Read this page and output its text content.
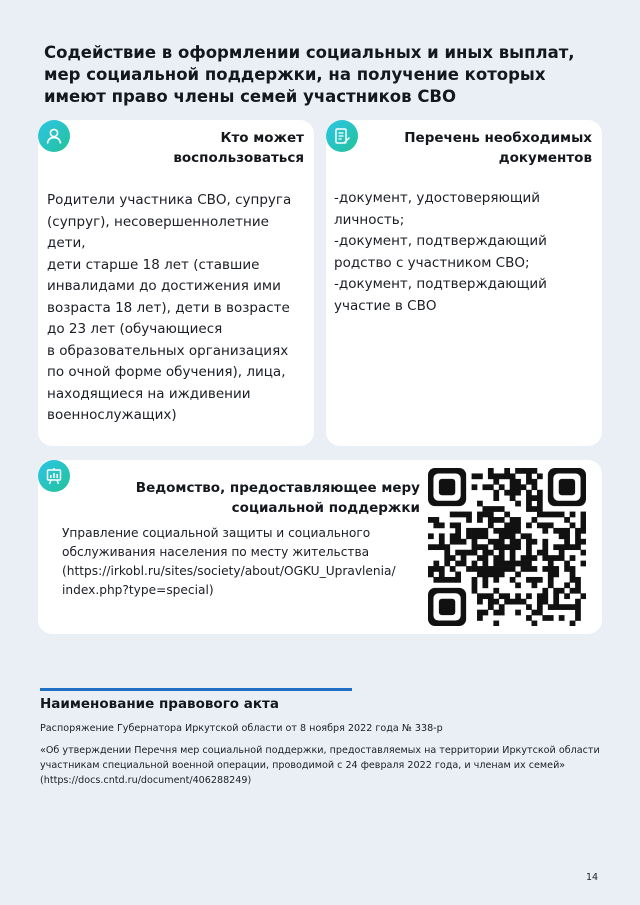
Содействие в оформлении социальных и иных выплат, мер социальной поддержки, на получение которых имеют право члены семей участников СВО
Кто может
воспользоваться
Родители участника СВО, супруга
(супруг), несовершеннолетние дети,
дети старше 18 лет (ставшие
инвалидами до достижения ими
возраста 18 лет), дети в возрасте
до 23 лет (обучающиеся
в образовательных организациях
по очной форме обучения), лица,
находящиеся на иждивении
военнослужащих)
Перечень необходимых
документов
-документ, удостоверяющий
личность;
-документ, подтверждающий
родство с участником СВО;
-документ, подтверждающий
участие в СВО
Ведомство, предоставляющее меру
социальной поддержки
Управление социальной защиты и социального
обслуживания населения по месту жительства
(https://irkobl.ru/sites/society/about/OGKU_Upravlenia/
index.php?type=special)
Наименование правового акта
Распоряжение Губернатора Иркутской области от 8 ноября 2022 года № 338-р
«Об утверждении Перечня мер социальной поддержки, предоставляемых на территории Иркутской области
участникам специальной военной операции, проводимой с 24 февраля 2022 года, и членам их семей»
(https://docs.cntd.ru/document/406288249)
14
